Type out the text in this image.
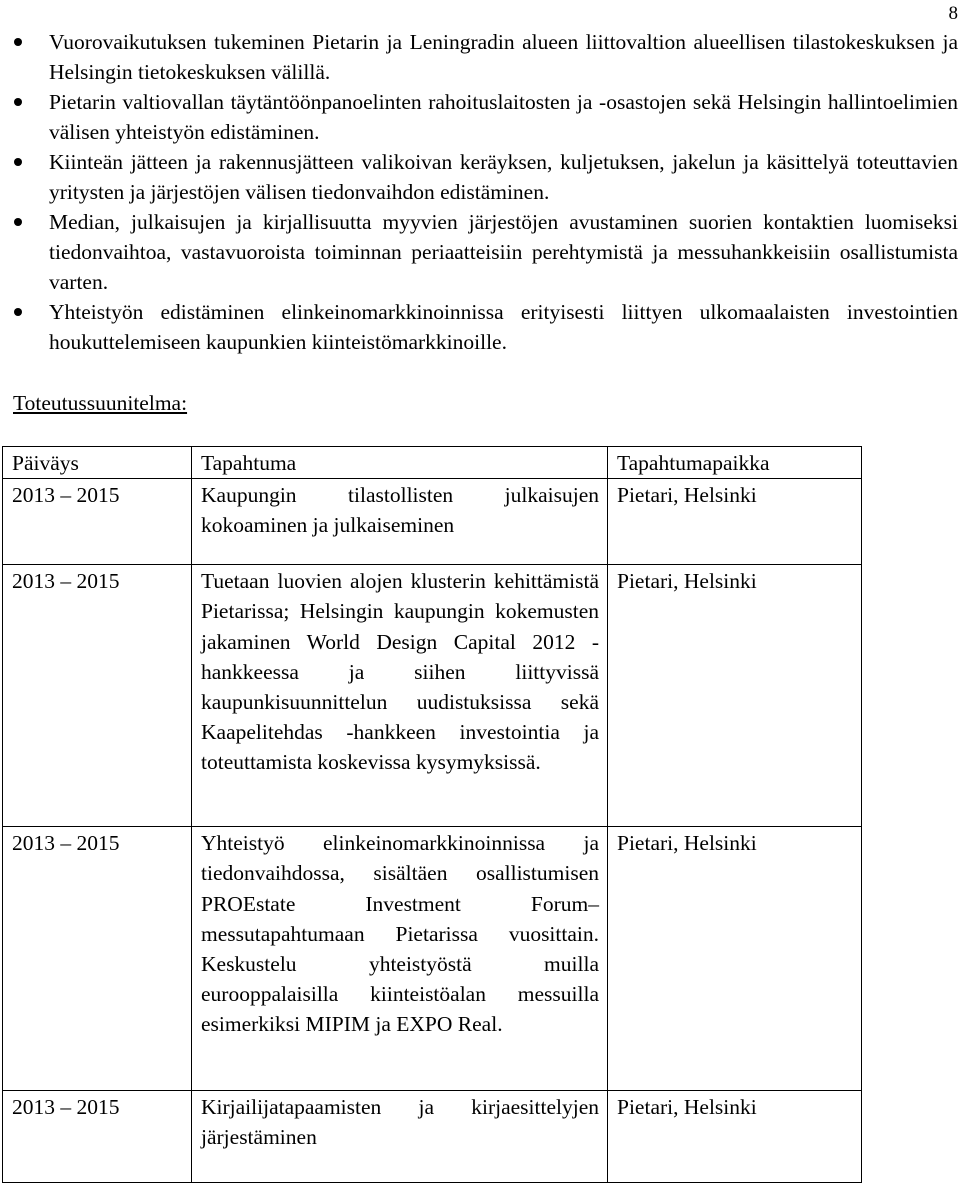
8
Vuorovaikutuksen tukeminen Pietarin ja Leningradin alueen liittovaltion alueellisen tilastokeskuksen ja Helsingin tietokeskuksen välillä.
Pietarin valtiovallan täytäntöönpanoelinten rahoituslaitosten ja -osastojen sekä Helsingin hallintoelimien välisen yhteistyön edistäminen.
Kiinteän jätteen ja rakennusjätteen valikoivan keräyksen, kuljetuksen, jakelun ja käsittelyä toteuttavien yritysten ja järjestöjen välisen tiedonvaihdon edistäminen.
Median, julkaisujen ja kirjallisuutta myyvien järjestöjen avustaminen suorien kontaktien luomiseksi tiedonvaihtoa, vastavuoroista toiminnan periaatteisiin perehtymistä ja messuhankkeisiin osallistumista varten.
Yhteistyön edistäminen elinkeinomarkkinoinnissa erityisesti liittyen ulkomaalaisten investointien houkuttelemiseen kaupunkien kiinteistömarkkinoille.
Toteutussuunitelma:
Päiväys	Tapahtuma	Tapahtumapaikka
2013 – 2015	Kaupungin tilastollisten julkaisujen kokoaminen ja julkaiseminen	Pietari, Helsinki
2013 – 2015	Tuetaan luovien alojen klusterin kehittämistä Pietarissa; Helsingin kaupungin kokemusten jakaminen World Design Capital 2012 -hankkeessa ja siihen liittyvissä kaupunkisuunnittelun uudistuksissa sekä Kaapelitehdas -hankkeen investointia ja toteuttamista koskevissa kysymyksissä.	Pietari, Helsinki
2013 – 2015	Yhteistyö elinkeinomarkkinoinnissa ja tiedonvaihdossa, sisältäen osallistumisen PROEstate Investment Forum–messutapahtumaan Pietarissa vuosittain. Keskustelu yhteistyöstä muilla eurooppalaisilla kiinteistöalan messuilla esimerkiksi MIPIM ja EXPO Real.	Pietari, Helsinki
2013 – 2015	Kirjailijatapaamisten ja kirjaesittelyjen järjestäminen	Pietari, Helsinki
